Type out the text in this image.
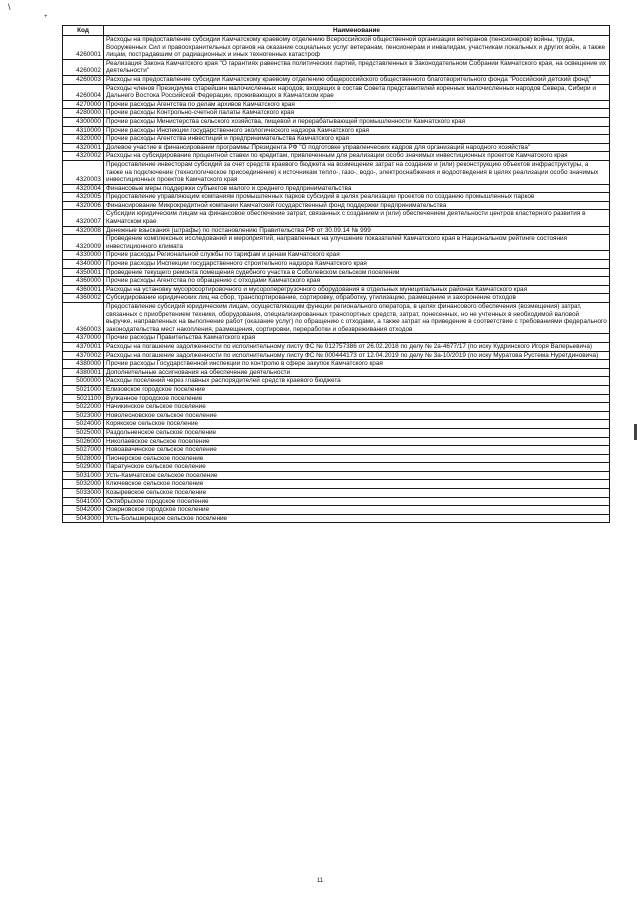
\
+
Код	Наименование
4260001	Расходы на предоставление субсидии Камчатскому краевому отделению Всероссийской общественной организации ветеранов (пенсионеров) войны, труда, Вооруженных Сил и правоохранительных органов на оказание социальных услуг ветеранам, пенсионерам и инвалидам, участникам локальных и других войн, а также лицам, пострадавшим от радиационных и иных техногенных катастроф
4260002	Реализация Закона Камчатского края "О гарантиях равенства политических партий, представленных в Законодательном Собрании Камчатского края, на освещение их деятельности"
4260003	Расходы на предоставление субсидии Камчатскому краевому отделению общероссийского общественного благотворительного фонда "Российский детский фонд"
4260004	Расходы членов Президиума старейшин малочисленных народов, входящих в состав Совета представителей коренных малочисленных народов Севера, Сибири и Дальнего Востока Российской Федерации, проживающих в Камчатском крае
4270000	Прочие расходы Агентства по делам архивов Камчатского края
4280000	Прочие расходы Контрольно-счетной палаты Камчатского края
4300000	Прочие расходы Министерства сельского хозяйства, пищевой и перерабатывающей промышленности Камчатского края
4310000	Прочие расходы Инспекции государственного экологического надзора Камчатского края
4320000	Прочие расходы Агентства инвестиций и предпринимательства Камчатского края
4320001	Долевое участие в финансировании программы Президента РФ "О подготовке управленческих кадров для организаций народного хозяйства"
4320002	Расходы на субсидирование процентной ставки по кредитам, привлеченным для реализации особо значимых инвестиционных проектов Камчатского края
4320003	Предоставление инвесторам субсидий за счет средств краевого бюджета на возмещение затрат на создание и (или) реконструкцию объектов инфраструктуры, а также на подключение (технологическое присоединение) к источникам тепло-, газо-, водо-, электроснабжения и водоотведения в целях реализации особо значимых инвестиционных проектов Камчатского края
4320004	Финансовые меры поддержки субъектов малого и среднего предпринимательства
4320005	Предоставление управляющим компаниям промышленных парков субсидий в целях реализации проектов по созданию промышленных парков
4320006	Финансирование Микрокредитной компании Камчатский государственный фонд поддержки предпринимательства
4320007	Субсидии юридическим лицам на финансовое обеспечение затрат, связанных с созданием и (или) обеспечением деятельности центров кластерного развития в Камчатском крае
4320008	Денежные взыскания (штрафы) по постановлению Правительства РФ от 30.09.14 № 999
4320009	Проведение комплексных исследований и мероприятий, направленных на улучшение показателей Камчатского края в Национальном рейтинге состояния инвестиционного климата
4330000	Прочие расходы Региональной службы по тарифам и ценам Камчатского края
4340000	Прочие расходы Инспекции государственного строительного надзора Камчатского края
4350001	Проведение текущего ремонта помещения судебного участка в Соболевском сельском поселении
4360000	Прочие расходы Агентства по обращению с отходами Камчатского края
4360001	Расходы на установку мусоросортировочного и мусороперегрузочного оборудования в отдельных муниципальных районах Камчатского края
4360002	Субсидирование юридических лиц на сбор, транспортирование, сортировку, обработку, утилизацию, размещение и захоронение отходов
4360003	Предоставление субсидий юридическим лицам, осуществляющим функции регионального оператора, в целях финансового обеспечения (возмещения) затрат, связанных с приобретением техники, оборудования, специализированных транспортных средств, затрат, понесенных, но не учтенных в необходимой валовой выручке, направленных на выполнение работ (оказание услуг) по обращению с отходами, а также затрат на приведение в соответствие с требованиями федерального законодательства мест накопления, размещения, сортировки, переработки и обезвреживания отходов
4370000	Прочие расходы Правительства Камчатского края
4370001	Расходы на погашение задолженности по исполнительному листу ФС № 012757386 от 26.02.2018 по делу № 2а-4677/17 (по иску Кудринского Игоря Валерьевича)
4370002	Расходы на погашение задолженности по исполнительному листу ФС № 000444173 от 12.04.2019 по делу № 3а-10/2019 (по иску Муратова Рустема Нуретдиновича)
4380000	Прочие расходы Государственной инспекции по контролю в сфере закупок Камчатского края
4380001	Дополнительные ассигнования на обеспечение деятельности
5000000	Расходы поселений через главных распорядителей средств краевого бюджета
5021000	Елизовское городское поселение
5021100	Вулканное городское поселение
5022000	Начикинское сельское поселение
5023000	Новолесновское сельское поселение
5024000	Корякское сельское поселение
5025000	Раздольненское сельское поселение
5026000	Николаевское сельское поселение
5027000	Новоавачинское сельское поселение
5028000	Пионерское сельское поселение
5029000	Паратунское сельское поселение
5031000	Усть-Камчатское сельское поселение
5032000	Ключевское сельское поселение
5033000	Козыревское сельское поселение
5041000	Октябрьское городское поселение
5042000	Озерновское городское поселение
5043000	Усть-Большерецкое сельское поселение
11
